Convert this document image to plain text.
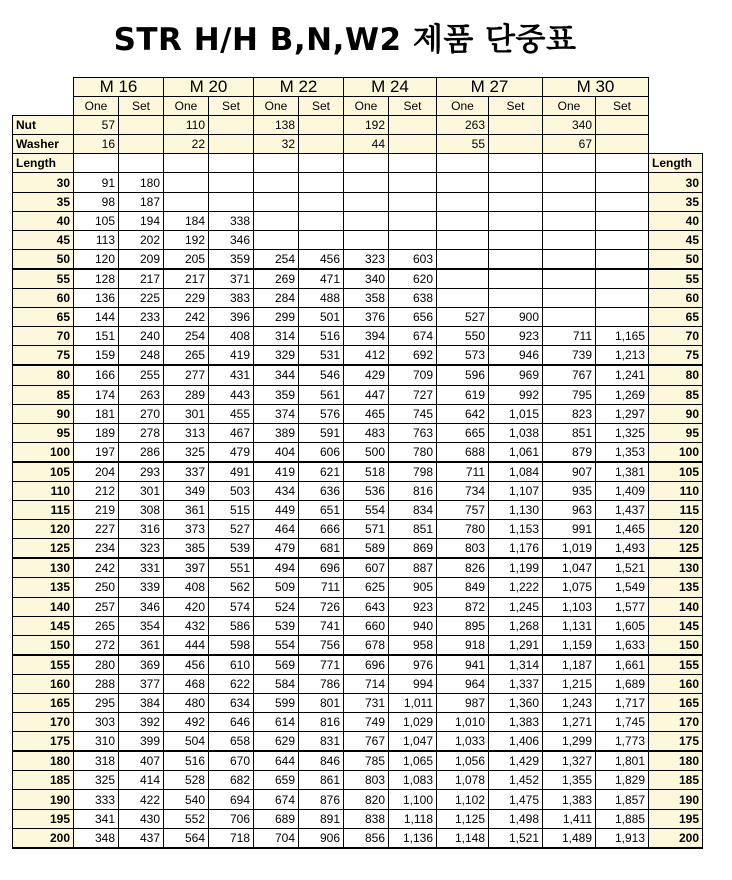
STR H/H B,N,W2 제품 단중표
	M 16		M 20		M 22		M 24		M 27		M 30		
	One	Set	One	Set	One	Set	One	Set	One	Set	One	Set	
Nut	57		110		138		192		263		340		
Washer	16		22		32		44		55		67		
Length													Length
30	91	180											30
35	98	187											35
40	105	194	184	338									40
45	113	202	192	346									45
50	120	209	205	359	254	456	323	603					50
55	128	217	217	371	269	471	340	620					55
60	136	225	229	383	284	488	358	638					60
65	144	233	242	396	299	501	376	656	527	900			65
70	151	240	254	408	314	516	394	674	550	923	711	1,165	70
75	159	248	265	419	329	531	412	692	573	946	739	1,213	75
80	166	255	277	431	344	546	429	709	596	969	767	1,241	80
85	174	263	289	443	359	561	447	727	619	992	795	1,269	85
90	181	270	301	455	374	576	465	745	642	1,015	823	1,297	90
95	189	278	313	467	389	591	483	763	665	1,038	851	1,325	95
100	197	286	325	479	404	606	500	780	688	1,061	879	1,353	100
105	204	293	337	491	419	621	518	798	711	1,084	907	1,381	105
110	212	301	349	503	434	636	536	816	734	1,107	935	1,409	110
115	219	308	361	515	449	651	554	834	757	1,130	963	1,437	115
120	227	316	373	527	464	666	571	851	780	1,153	991	1,465	120
125	234	323	385	539	479	681	589	869	803	1,176	1,019	1,493	125
130	242	331	397	551	494	696	607	887	826	1,199	1,047	1,521	130
135	250	339	408	562	509	711	625	905	849	1,222	1,075	1,549	135
140	257	346	420	574	524	726	643	923	872	1,245	1,103	1,577	140
145	265	354	432	586	539	741	660	940	895	1,268	1,131	1,605	145
150	272	361	444	598	554	756	678	958	918	1,291	1,159	1,633	150
155	280	369	456	610	569	771	696	976	941	1,314	1,187	1,661	155
160	288	377	468	622	584	786	714	994	964	1,337	1,215	1,689	160
165	295	384	480	634	599	801	731	1,011	987	1,360	1,243	1,717	165
170	303	392	492	646	614	816	749	1,029	1,010	1,383	1,271	1,745	170
175	310	399	504	658	629	831	767	1,047	1,033	1,406	1,299	1,773	175
180	318	407	516	670	644	846	785	1,065	1,056	1,429	1,327	1,801	180
185	325	414	528	682	659	861	803	1,083	1,078	1,452	1,355	1,829	185
190	333	422	540	694	674	876	820	1,100	1,102	1,475	1,383	1,857	190
195	341	430	552	706	689	891	838	1,118	1,125	1,498	1,411	1,885	195
200	348	437	564	718	704	906	856	1,136	1,148	1,521	1,489	1,913	200
